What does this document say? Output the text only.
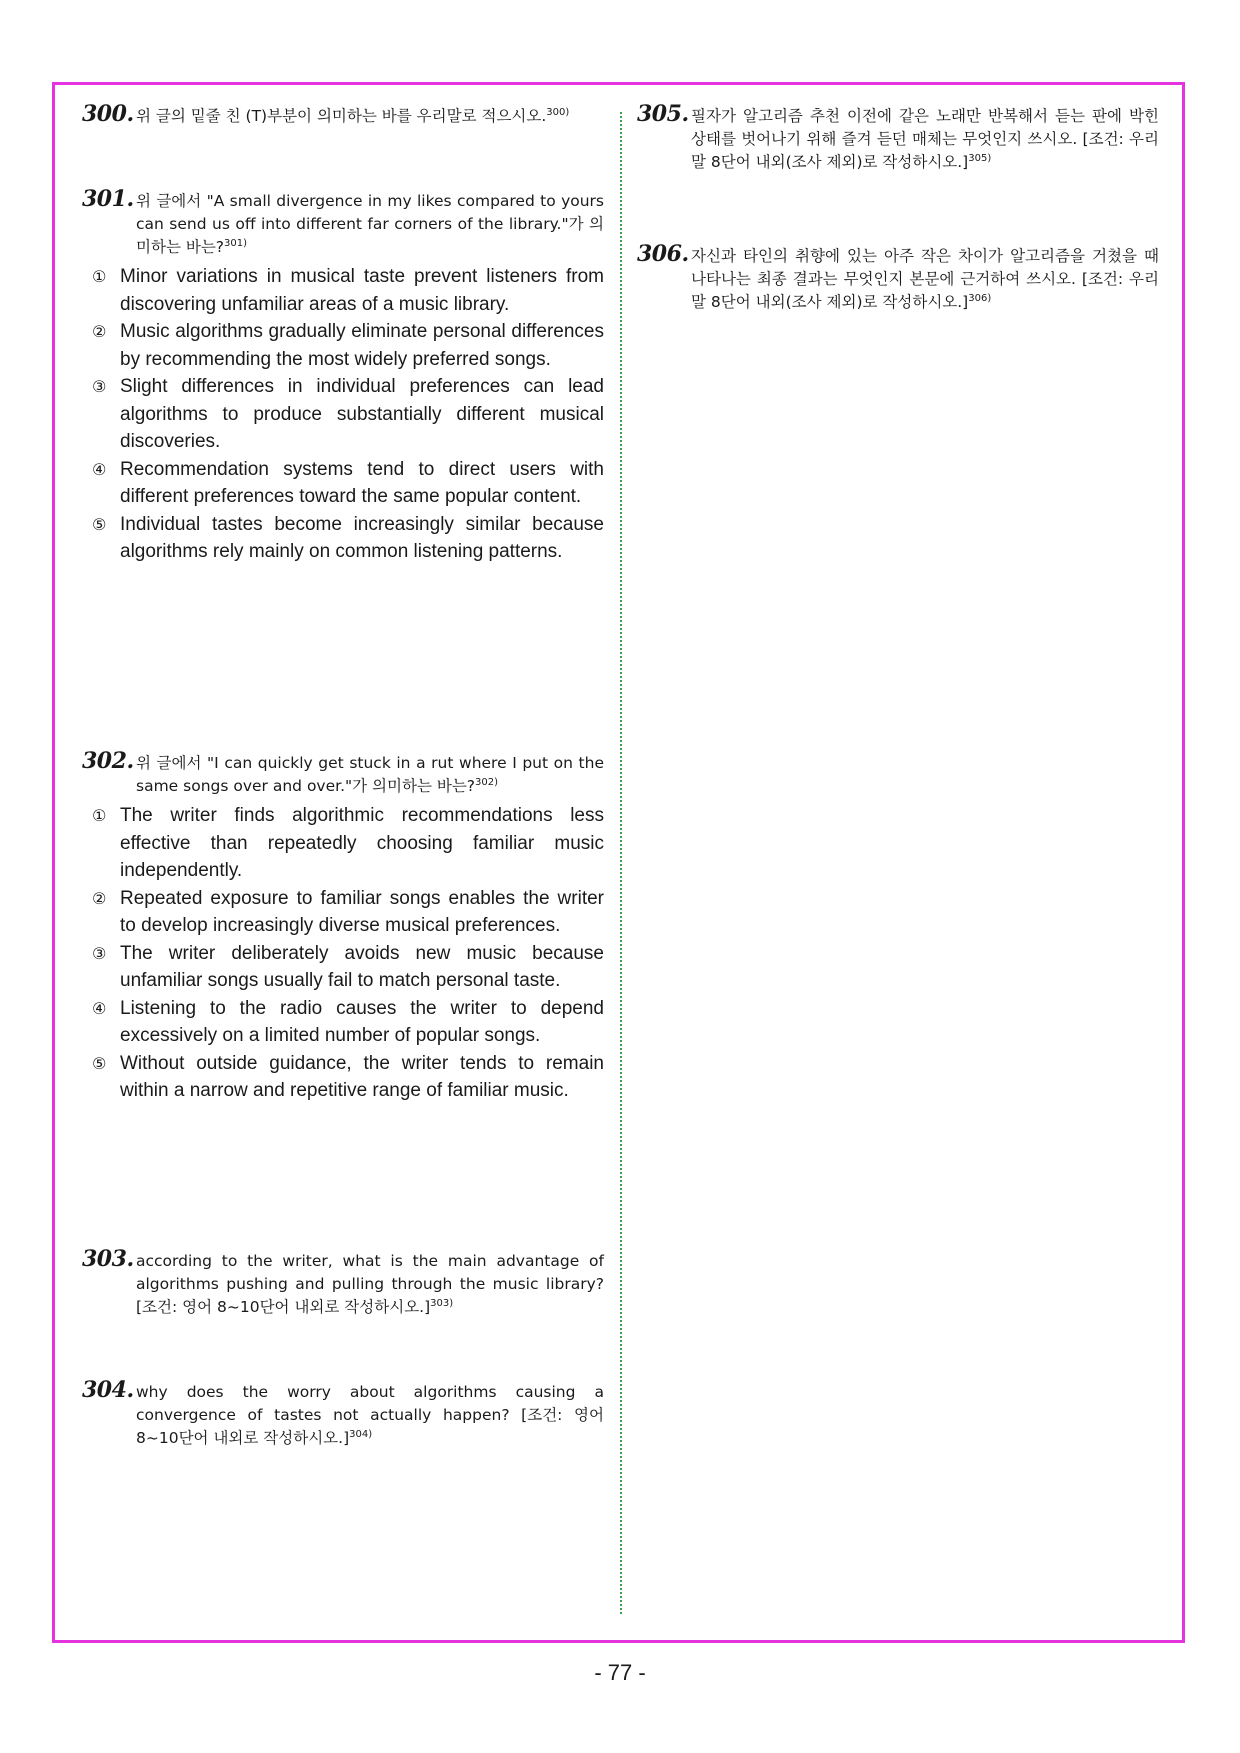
300. 위 글의 밑줄 친 (T)부분이 의미하는 바를 우리말로 적으시오.$^{300)}$
301. 위 글에서 "A small divergence in my likes compared to yours can send us off into different far corners of the library."가 의미하는 바는?$^{301)}$
① Minor variations in musical taste prevent listeners from discovering unfamiliar areas of a music library.
② Music algorithms gradually eliminate personal differences by recommending the most widely preferred songs.
③ Slight differences in individual preferences can lead algorithms to produce substantially different musical discoveries.
④ Recommendation systems tend to direct users with different preferences toward the same popular content.
⑤ Individual tastes become increasingly similar because algorithms rely mainly on common listening patterns.
302. 위 글에서 "I can quickly get stuck in a rut where I put on the same songs over and over."가 의미하는 바는?$^{302)}$
① The writer finds algorithmic recommendations less effective than repeatedly choosing familiar music independently.
② Repeated exposure to familiar songs enables the writer to develop increasingly diverse musical preferences.
③ The writer deliberately avoids new music because unfamiliar songs usually fail to match personal taste.
④ Listening to the radio causes the writer to depend excessively on a limited number of popular songs.
⑤ Without outside guidance, the writer tends to remain within a narrow and repetitive range of familiar music.
303. according to the writer, what is the main advantage of algorithms pushing and pulling through the music library? [조건: 영어 8~10단어 내외로 작성하시오.]$^{303)}$
304. why does the worry about algorithms causing a convergence of tastes not actually happen? [조건: 영어 8~10단어 내외로 작성하시오.]$^{304)}$
305. 필자가 알고리즘 추천 이전에 같은 노래만 반복해서 듣는 판에 박힌 상태를 벗어나기 위해 즐겨 듣던 매체는 무엇인지 쓰시오. [조건: 우리말 8단어 내외(조사 제외)로 작성하시오.]$^{305)}$
306. 자신과 타인의 취향에 있는 아주 작은 차이가 알고리즘을 거쳤을 때 나타나는 최종 결과는 무엇인지 본문에 근거하여 쓰시오. [조건: 우리말 8단어 내외(조사 제외)로 작성하시오.]$^{306)}$
- 77 -
